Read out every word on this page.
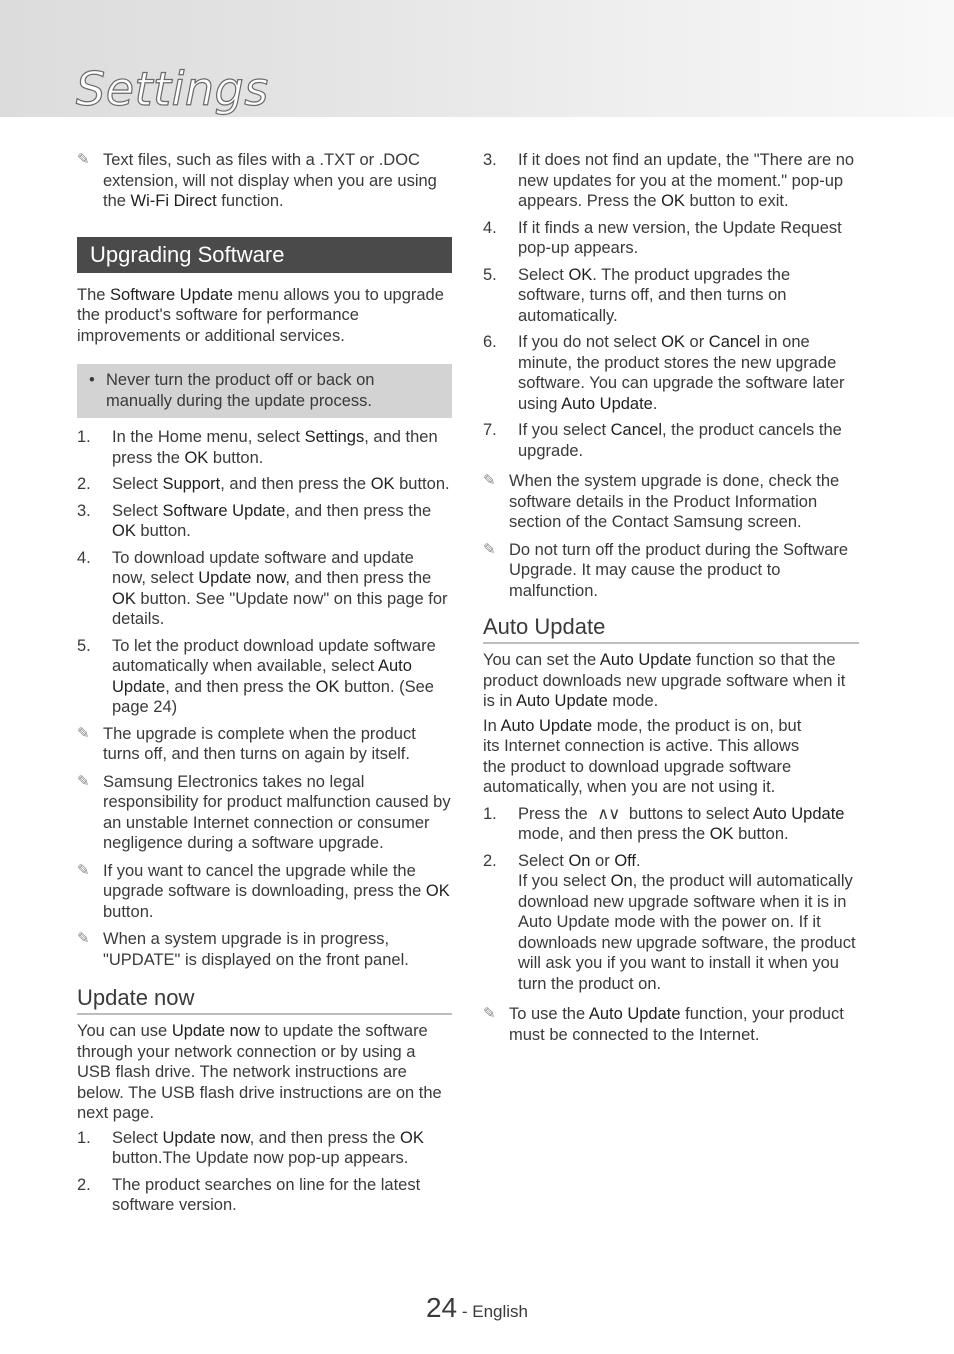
Settings
✎ Text files, such as files with a .TXT or .DOC extension, will not display when you are using the Wi-Fi Direct function.

Upgrading Software

The Software Update menu allows you to upgrade the product's software for performance improvements or additional services.

• Never turn the product off or back on manually during the update process.
1. In the Home menu, select Settings, and then press the OK button.
2. Select Support, and then press the OK button.
3. Select Software Update, and then press the OK button.
4. To download update software and update now, select Update now, and then press the OK button. See "Update now" on this page for details.
5. To let the product download update software automatically when available, select Auto Update, and then press the OK button. (See page 24)
✎ The upgrade is complete when the product turns off, and then turns on again by itself.

✎ Samsung Electronics takes no legal responsibility for product malfunction caused by an unstable Internet connection or consumer negligence during a software upgrade.

✎ If you want to cancel the upgrade while the upgrade software is downloading, press the OK button.

✎ When a system upgrade is in progress, "UPDATE" is displayed on the front panel.

Update now

You can use Update now to update the software through your network connection or by using a USB flash drive. The network instructions are below. The USB flash drive instructions are on the next page.

1. Select Update now, and then press the OK button.The Update now pop-up appears.
2. The product searches on line for the latest software version.
3. If it does not find an update, the "There are no new updates for you at the moment." pop-up appears. Press the OK button to exit.
4. If it finds a new version, the Update Request pop-up appears.
5. Select OK. The product upgrades the software, turns off, and then turns on automatically.
6. If you do not select OK or Cancel in one minute, the product stores the new upgrade software. You can upgrade the software later using Auto Update.
7. If you select Cancel, the product cancels the upgrade.
✎ When the system upgrade is done, check the software details in the Product Information section of the Contact Samsung screen.

✎ Do not turn off the product during the Software Upgrade. It may cause the product to malfunction.

Auto Update

You can set the Auto Update function so that the product downloads new upgrade software when it is in Auto Update mode.

In Auto Update mode, the product is on, but its Internet connection is active. This allows the product to download upgrade software automatically, when you are not using it.

1. Press the ∧∨ buttons to select Auto Update mode, and then press the OK button.
2. Select On or Off.
If you select On, the product will automatically download new upgrade software when it is in Auto Update mode with the power on. If it downloads new upgrade software, the product will ask you if you want to install it when you turn the product on.
✎ To use the Auto Update function, your product must be connected to the Internet.

24 - English
